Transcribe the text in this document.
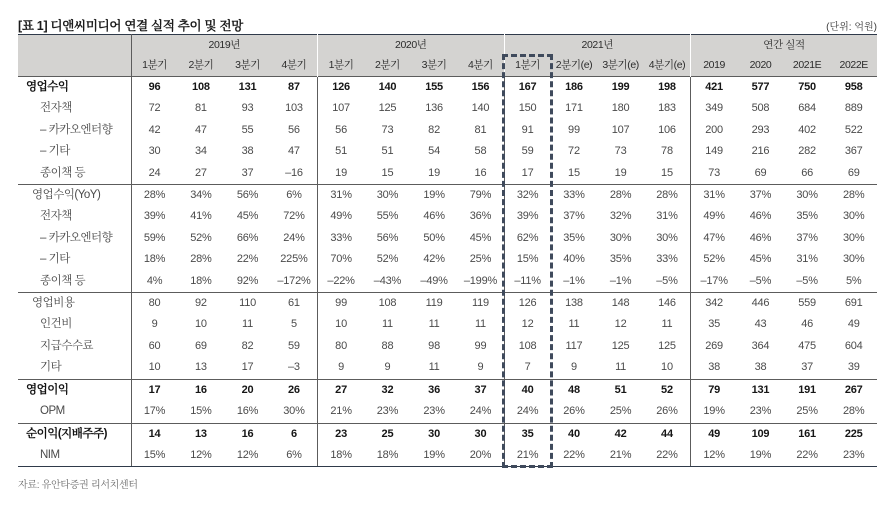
[표 1] 디앤씨미디어 연결 실적 추이 및 전망	(단위: 억원)
	2019년				2020년				2021년				연간 실적			
	1분기	2분기	3분기	4분기	1분기	2분기	3분기	4분기	1분기	2분기(e)	3분기(e)	4분기(e)	2019	2020	2021E	2022E
영업수익	96	108	131	87	126	140	155	156	167	186	199	198	421	577	750	958
전자책	72	81	93	103	107	125	136	140	150	171	180	183	349	508	684	889
– 카카오엔터향	42	47	55	56	56	73	82	81	91	99	107	106	200	293	402	522
– 기타	30	34	38	47	51	51	54	58	59	72	73	78	149	216	282	367
종이책 등	24	27	37	–16	19	15	19	16	17	15	19	15	73	69	66	69
영업수익(YoY)	28%	34%	56%	6%	31%	30%	19%	79%	32%	33%	28%	28%	31%	37%	30%	28%
전자책	39%	41%	45%	72%	49%	55%	46%	36%	39%	37%	32%	31%	49%	46%	35%	30%
– 카카오엔터향	59%	52%	66%	24%	33%	56%	50%	45%	62%	35%	30%	30%	47%	46%	37%	30%
– 기타	18%	28%	22%	225%	70%	52%	42%	25%	15%	40%	35%	33%	52%	45%	31%	30%
종이책 등	4%	18%	92%	–172%	–22%	–43%	–49%	–199%	–11%	–1%	–1%	–5%	–17%	–5%	–5%	5%
영업비용	80	92	110	61	99	108	119	119	126	138	148	146	342	446	559	691
인건비	9	10	11	5	10	11	11	11	12	11	12	11	35	43	46	49
지급수수료	60	69	82	59	80	88	98	99	108	117	125	125	269	364	475	604
기타	10	13	17	–3	9	9	11	9	7	9	11	10	38	38	37	39
영업이익	17	16	20	26	27	32	36	37	40	48	51	52	79	131	191	267
OPM	17%	15%	16%	30%	21%	23%	23%	24%	24%	26%	25%	26%	19%	23%	25%	28%
순이익(지배주주)	14	13	16	6	23	25	30	30	35	40	42	44	49	109	161	225
NIM	15%	12%	12%	6%	18%	18%	19%	20%	21%	22%	21%	22%	12%	19%	22%	23%
자료: 유안타증권 리서치센터
